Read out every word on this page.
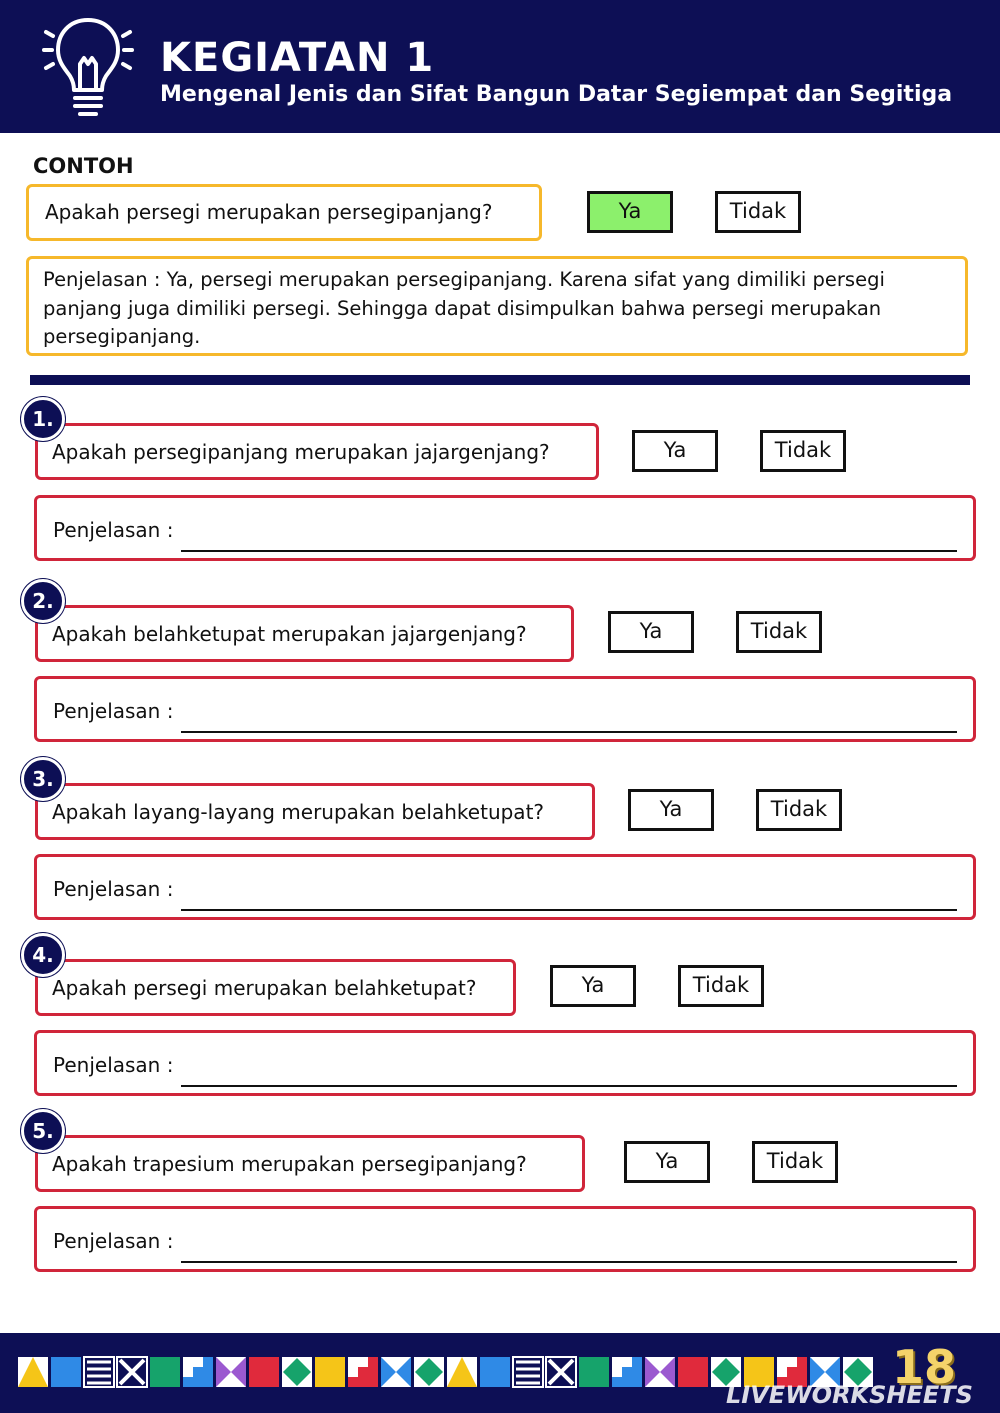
KEGIATAN 1
Mengenal Jenis dan Sifat Bangun Datar Segiempat dan Segitiga
CONTOH
Apakah persegi merupakan persegipanjang?	Ya	Tidak
Penjelasan : Ya, persegi merupakan persegipanjang. Karena sifat yang dimiliki persegi panjang juga dimiliki persegi. Sehingga dapat disimpulkan bahwa persegi merupakan persegipanjang.
Apakah persegipanjang merupakan jajargenjang?
1.
Ya	Tidak
Penjelasan :
Apakah belahketupat merupakan jajargenjang?
2.
Ya	Tidak
Penjelasan :
Apakah layang-layang merupakan belahketupat?
3.
Ya	Tidak
Penjelasan :
Apakah persegi merupakan belahketupat?
4.
Ya	Tidak
Penjelasan :
Apakah trapesium merupakan persegipanjang?
5.
Ya	Tidak
Penjelasan :
18
LIVEWORKSHEETS
